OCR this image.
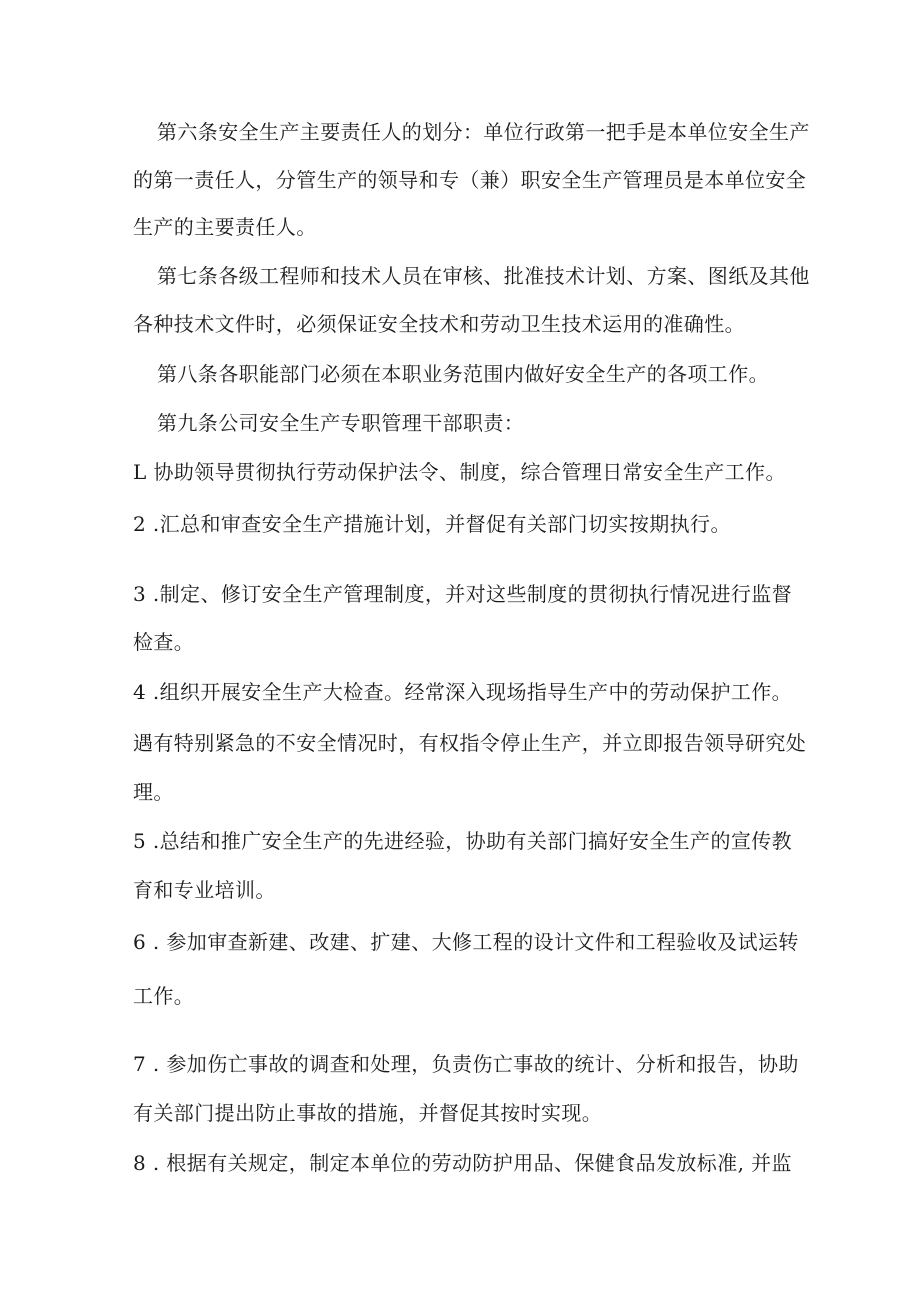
第六条安全生产主要责任人的划分：单位行政第一把手是本单位安全生产
的第一责任人，分管生产的领导和专（兼）职安全生产管理员是本单位安全
生产的主要责任人。
第七条各级工程师和技术人员在审核、批准技术计划、方案、图纸及其他
各种技术文件时，必须保证安全技术和劳动卫生技术运用的准确性。
第八条各职能部门必须在本职业务范围内做好安全生产的各项工作。
第九条公司安全生产专职管理干部职责：
L 协助领导贯彻执行劳动保护法令、制度，综合管理日常安全生产工作。
2 .汇总和审查安全生产措施计划，并督促有关部门切实按期执行。
3 .制定、修订安全生产管理制度，并对这些制度的贯彻执行情况进行监督
检查。
4 .组织开展安全生产大检查。经常深入现场指导生产中的劳动保护工作。
遇有特别紧急的不安全情况时，有权指令停止生产，并立即报告领导研究处
理。
5 .总结和推广安全生产的先进经验，协助有关部门搞好安全生产的宣传教
育和专业培训。
6 . 参加审查新建、改建、扩建、大修工程的设计文件和工程验收及试运转
工作。
7 . 参加伤亡事故的调查和处理，负责伤亡事故的统计、分析和报告，协助
有关部门提出防止事故的措施，并督促其按时实现。
8 . 根据有关规定，制定本单位的劳动防护用品、保健食品发放标准, 并监
